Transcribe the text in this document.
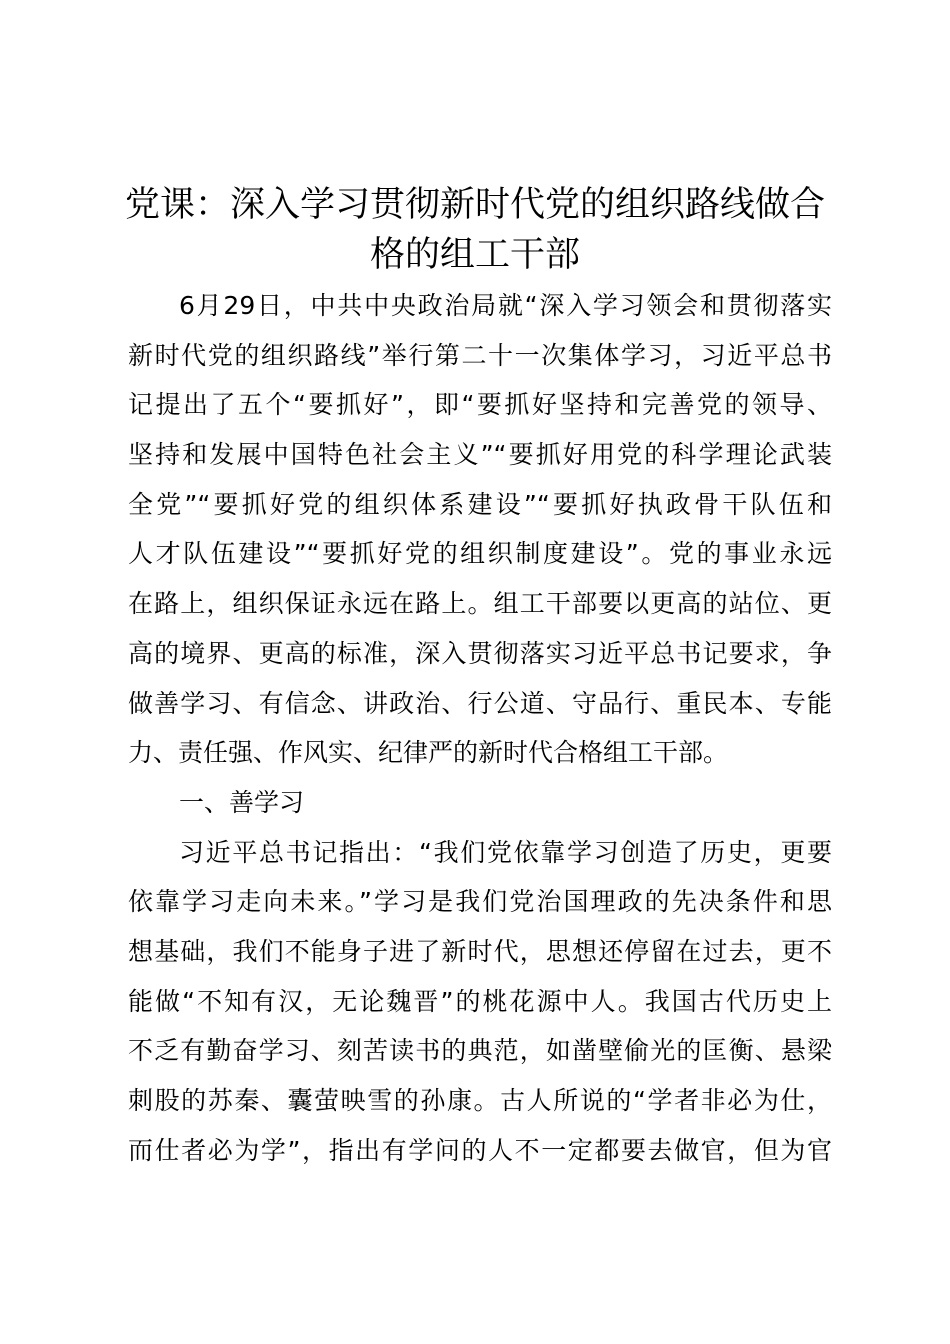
党课：深入学习贯彻新时代党的组织路线做合
格的组工干部
6月29日，中共中央政治局就“深入学习领会和贯彻落实
新时代党的组织路线”举行第二十一次集体学习，习近平总书
记提出了五个“要抓好”，即“要抓好坚持和完善党的领导、
坚持和发展中国特色社会主义”“要抓好用党的科学理论武装
全党”“要抓好党的组织体系建设”“要抓好执政骨干队伍和
人才队伍建设”“要抓好党的组织制度建设”。党的事业永远
在路上，组织保证永远在路上。组工干部要以更高的站位、更
高的境界、更高的标准，深入贯彻落实习近平总书记要求，争
做善学习、有信念、讲政治、行公道、守品行、重民本、专能
力、责任强、作风实、纪律严的新时代合格组工干部。
一、善学习
习近平总书记指出：“我们党依靠学习创造了历史，更要
依靠学习走向未来。”学习是我们党治国理政的先决条件和思
想基础，我们不能身子进了新时代，思想还停留在过去，更不
能做“不知有汉，无论魏晋”的桃花源中人。我国古代历史上
不乏有勤奋学习、刻苦读书的典范，如凿壁偷光的匡衡、悬梁
刺股的苏秦、囊萤映雪的孙康。古人所说的“学者非必为仕，
而仕者必为学”，指出有学问的人不一定都要去做官，但为官
